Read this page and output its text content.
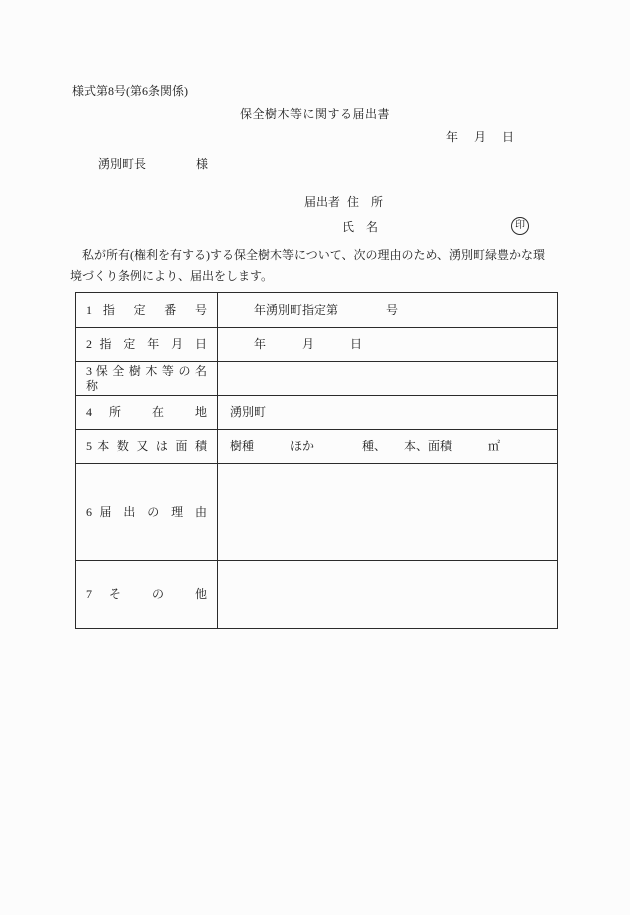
様式第8号(第6条関係)
保全樹木等に関する届出書
年　月　日
湧別町長	様
届出者 住　所
氏　名	印
　私が所有(権利を有する)する保全樹木等について、次の理由のため、湧別町緑豊かな環
境づくり条例により、届出をします。
1 指 定 番 号	　　年湧別町指定第　　　　号
2 指 定 年 月 日	　　年　　　月　　　日
3 保 全 樹 木 等 の 名 称	
4 所 在 地	湧別町
5 本 数 又 は 面 積	樹種　　　ほか　　　　種、　　本、面積　　　㎡
6 届 出 の 理 由	
7 そ の 他	
